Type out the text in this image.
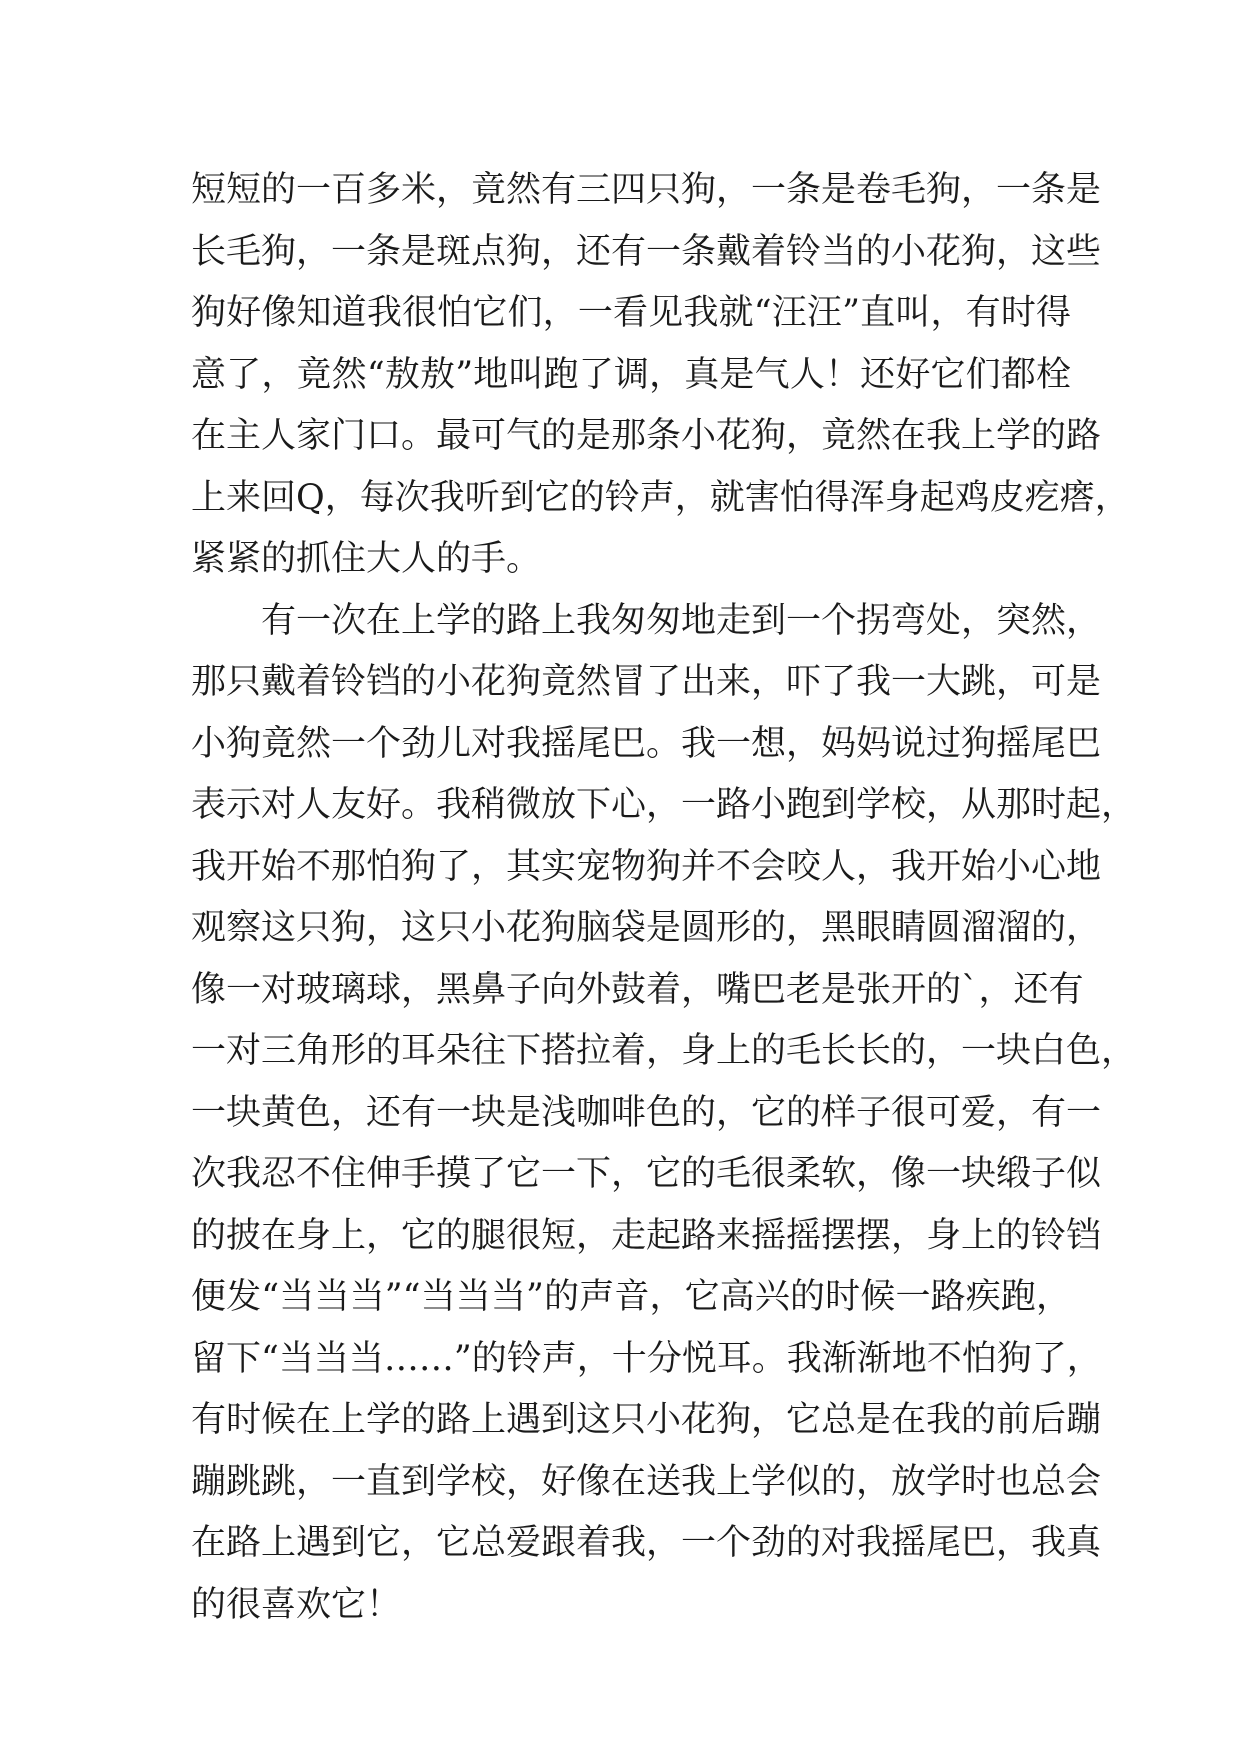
短短的一百多米，竟然有三四只狗，一条是卷毛狗，一条是
长毛狗，一条是斑点狗，还有一条戴着铃当的小花狗，这些
狗好像知道我很怕它们，一看见我就“汪汪”直叫，有时得
意了，竟然“敖敖”地叫跑了调，真是气人！还好它们都栓
在主人家门口。最可气的是那条小花狗，竟然在我上学的路
上来回Q，每次我听到它的铃声，就害怕得浑身起鸡皮疙瘩，
紧紧的抓住大人的手。
　　有一次在上学的路上我匆匆地走到一个拐弯处，突然，
那只戴着铃铛的小花狗竟然冒了出来，吓了我一大跳，可是
小狗竟然一个劲儿对我摇尾巴。我一想，妈妈说过狗摇尾巴
表示对人友好。我稍微放下心，一路小跑到学校，从那时起，
我开始不那怕狗了，其实宠物狗并不会咬人，我开始小心地
观察这只狗，这只小花狗脑袋是圆形的，黑眼睛圆溜溜的，
像一对玻璃球，黑鼻子向外鼓着，嘴巴老是张开的`，还有
一对三角形的耳朵往下搭拉着，身上的毛长长的，一块白色，
一块黄色，还有一块是浅咖啡色的，它的样子很可爱，有一
次我忍不住伸手摸了它一下，它的毛很柔软，像一块缎子似
的披在身上，它的腿很短，走起路来摇摇摆摆，身上的铃铛
便发“当当当”“当当当”的声音，它高兴的时候一路疾跑，
留下“当当当……”的铃声，十分悦耳。我渐渐地不怕狗了，
有时候在上学的路上遇到这只小花狗，它总是在我的前后蹦
蹦跳跳，一直到学校，好像在送我上学似的，放学时也总会
在路上遇到它，它总爱跟着我，一个劲的对我摇尾巴，我真
的很喜欢它！
